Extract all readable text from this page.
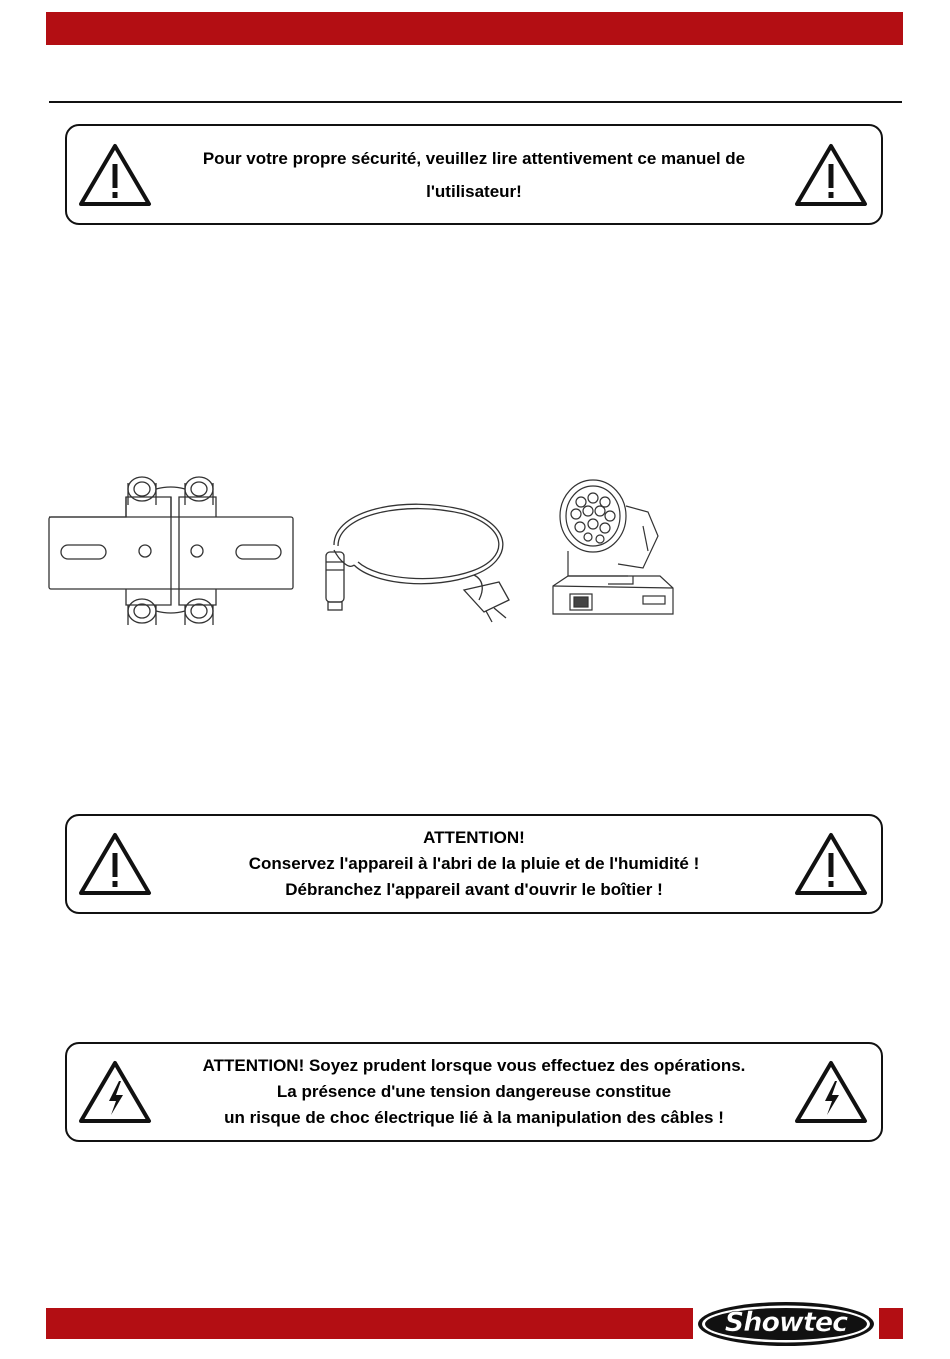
Pour votre propre sécurité, veuillez lire attentivement ce manuel de
l'utilisateur!
ATTENTION!
Conservez l'appareil à l'abri de la pluie et de l'humidité !
Débranchez l'appareil avant d'ouvrir le boîtier !
ATTENTION! Soyez prudent lorsque vous effectuez des opérations.
La présence d'une tension dangereuse constitue
un risque de choc électrique lié à la manipulation des câbles !
Showtec
